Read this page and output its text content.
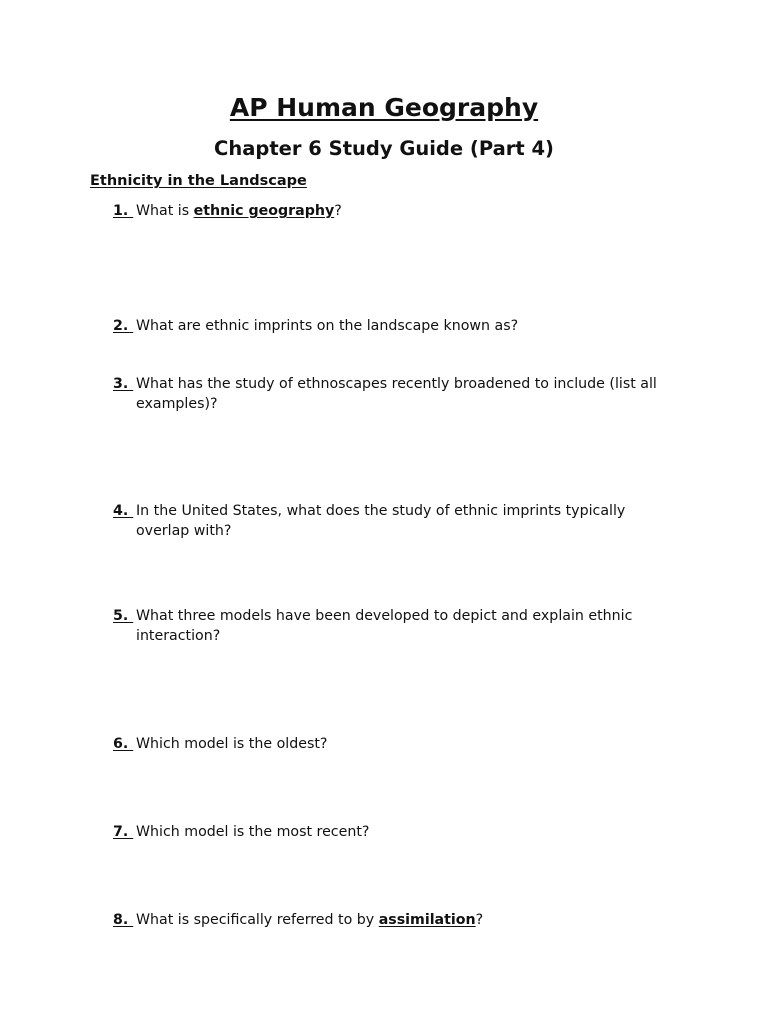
AP Human Geography
Chapter 6 Study Guide (Part 4)
Ethnicity in the Landscape
1. What is ethnic geography?
2. What are ethnic imprints on the landscape known as?
3. What has the study of ethnoscapes recently broadened to include (list all examples)?
4. In the United States, what does the study of ethnic imprints typically overlap with?
5. What three models have been developed to depict and explain ethnic interaction?
6. Which model is the oldest?
7. Which model is the most recent?
8. What is specifically referred to by assimilation?
